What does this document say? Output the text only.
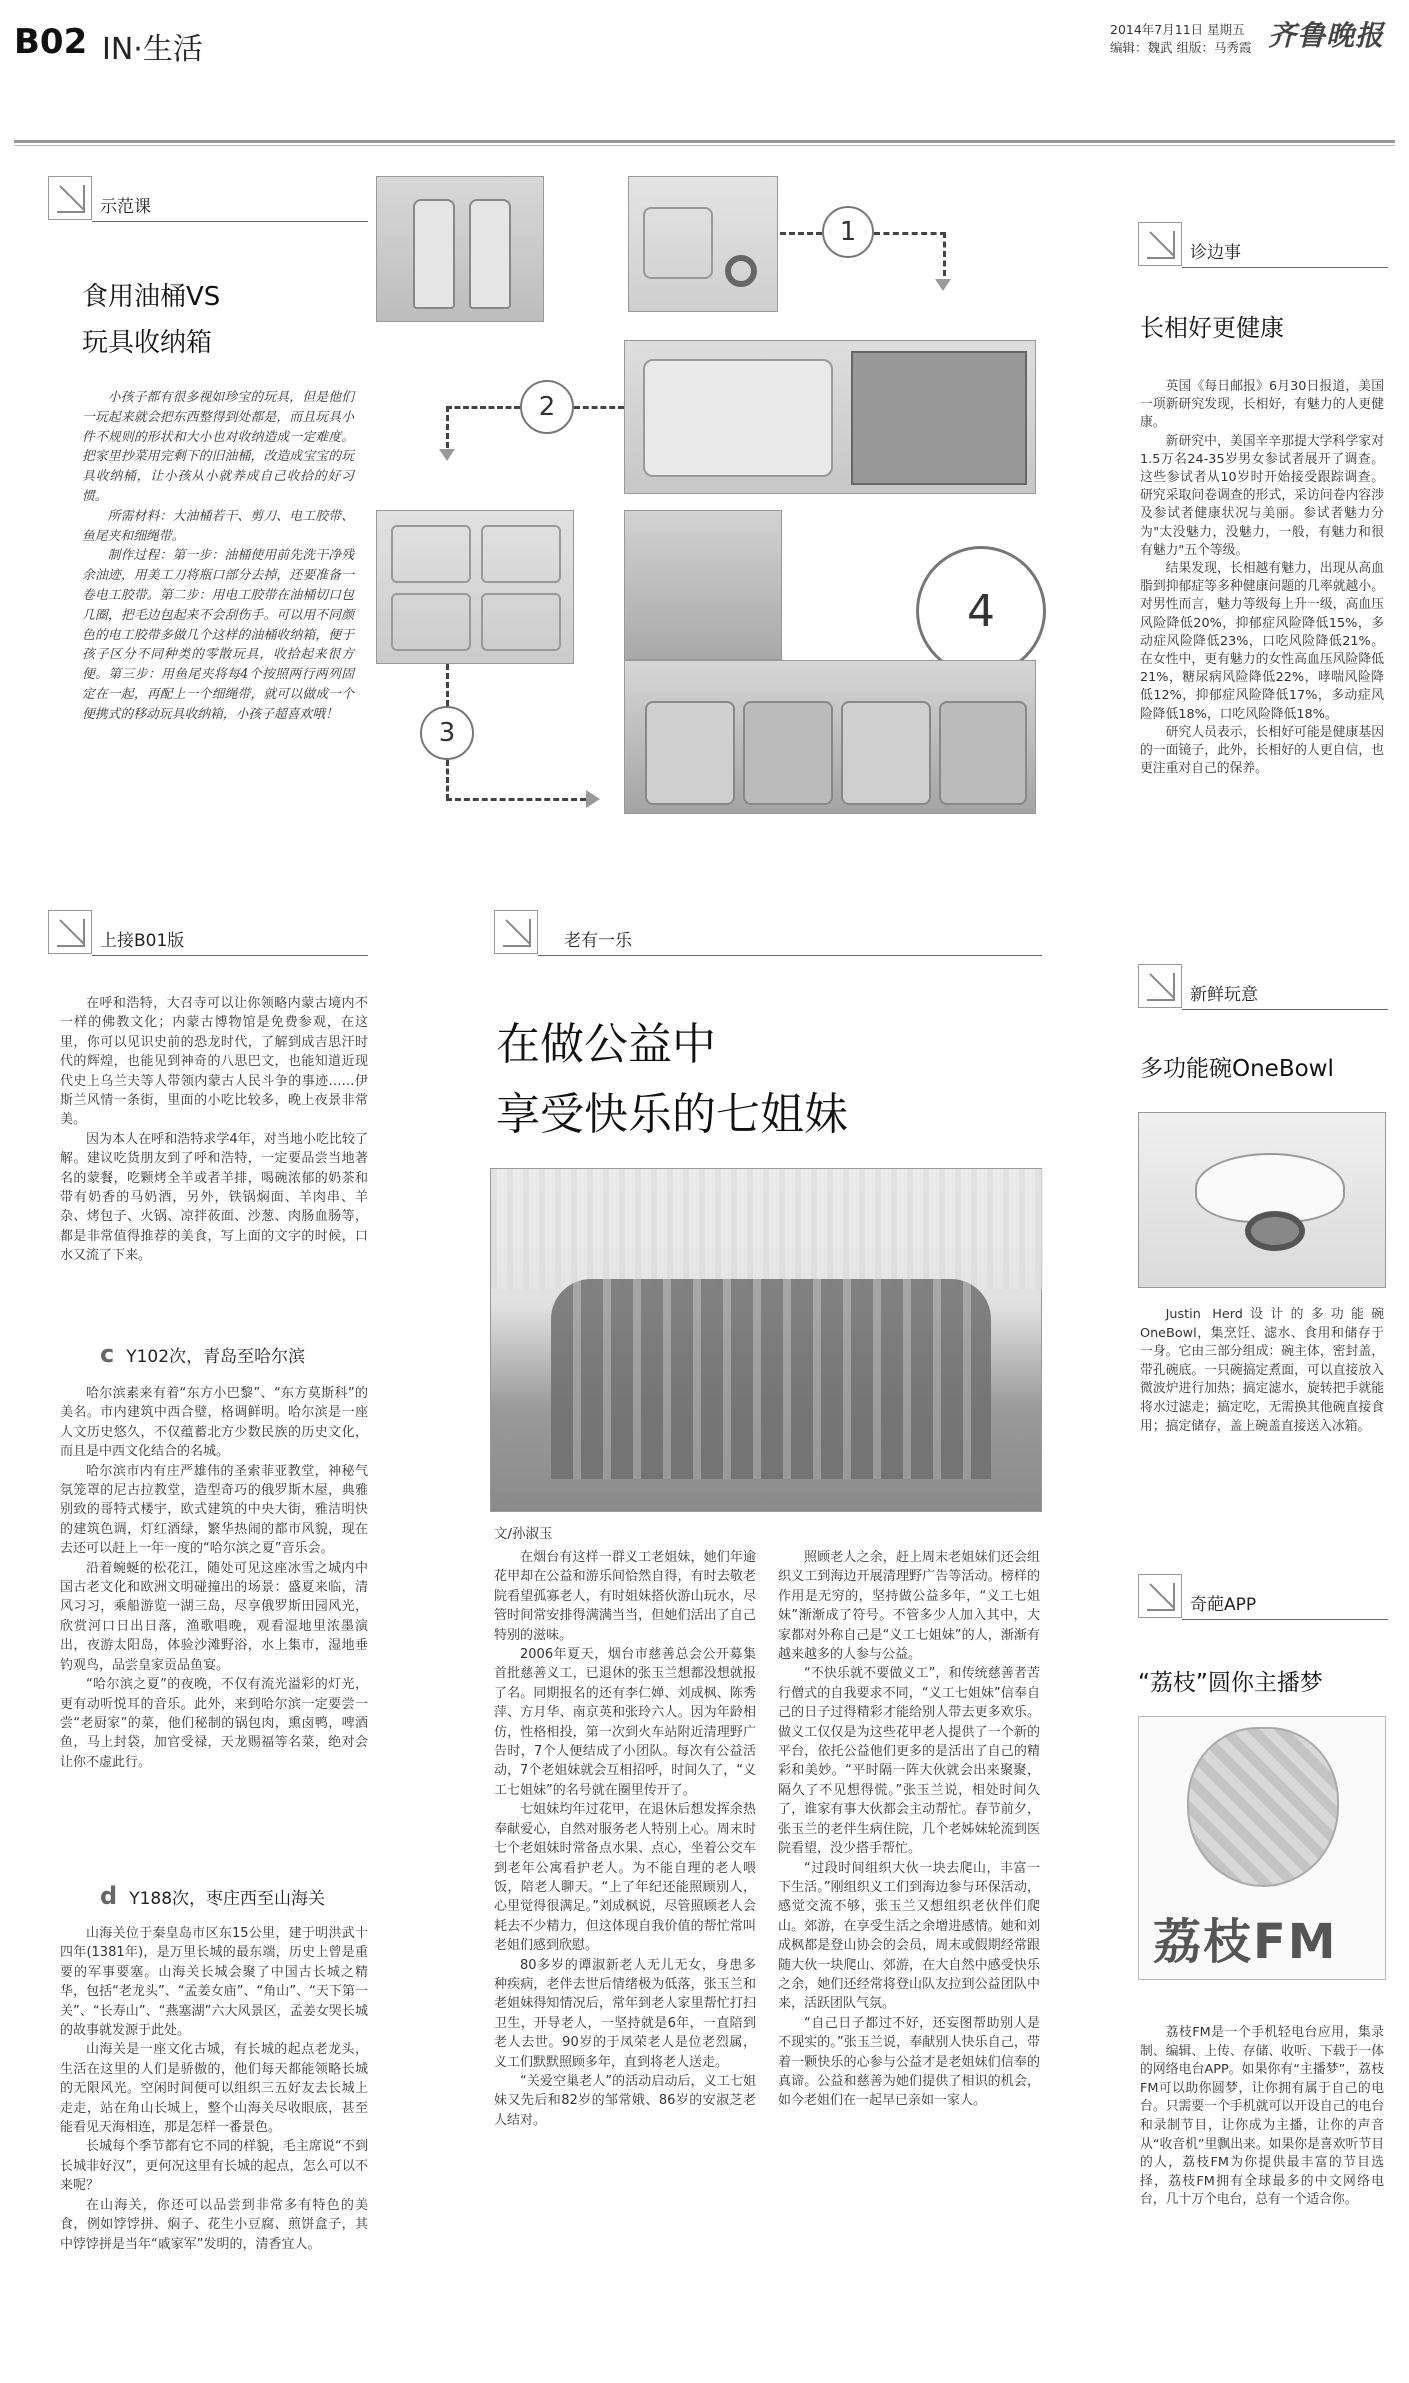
B02 IN·生活
2014年7月11日 星期五
编辑：魏武 组版：马秀霞 齐鲁晚报
示范课
食用油桶VS
玩具收纳箱

小孩子都有很多视如珍宝的玩具，但是他们一玩起来就会把东西整得到处都是，而且玩具小件不规则的形状和大小也对收纳造成一定难度。把家里抄菜用完剩下的旧油桶，改造成宝宝的玩具收纳桶，让小孩从小就养成自己收拾的好习惯。

所需材料：大油桶若干、剪刀、电工胶带、鱼尾夹和细绳带。

制作过程：第一步：油桶使用前先洗干净残余油迹，用美工刀将瓶口部分去掉，还要准备一卷电工胶带。第二步：用电工胶带在油桶切口包几圈，把毛边包起来不会刮伤手。可以用不同颜色的电工胶带多做几个这样的油桶收纳箱，便于孩子区分不同种类的零散玩具，收拾起来很方便。第三步：用鱼尾夹将每4个按照两行两列固定在一起，再配上一个细绳带，就可以做成一个便携式的移动玩具收纳箱，小孩子超喜欢哦！

1
2
4
3
诊边事
长相好更健康

英国《每日邮报》6月30日报道，美国一项新研究发现，长相好，有魅力的人更健康。

新研究中，美国辛辛那提大学科学家对1.5万名24-35岁男女参试者展开了调查。这些参试者从10岁时开始接受跟踪调查。研究采取问卷调查的形式，采访问卷内容涉及参试者健康状况与美丽。参试者魅力分为"太没魅力，没魅力，一般，有魅力和很有魅力"五个等级。

结果发现，长相越有魅力，出现从高血脂到抑郁症等多种健康问题的几率就越小。对男性而言，魅力等级每上升一级，高血压风险降低20%，抑郁症风险降低15%，多动症风险降低23%，口吃风险降低21%。在女性中，更有魅力的女性高血压风险降低21%，糖尿病风险降低22%，哮喘风险降低12%，抑郁症风险降低17%，多动症风险降低18%，口吃风险降低18%。

研究人员表示，长相好可能是健康基因的一面镜子，此外，长相好的人更自信，也更注重对自己的保养。

新鲜玩意
多功能碗OneBowl
Justin Herd设计的多功能碗OneBowl，集烹饪、滤水、食用和储存于一身。它由三部分组成：碗主体，密封盖，带孔碗底。一只碗搞定煮面，可以直接放入微波炉进行加热；搞定滤水，旋转把手就能将水过滤走；搞定吃，无需换其他碗直接食用；搞定储存，盖上碗盖直接送入冰箱。
奇葩APP
“荔枝”圆你主播梦
荔枝FM
荔枝FM是一个手机轻电台应用，集录制、编辑、上传、存储、收听、下载于一体的网络电台APP。如果你有“主播梦”，荔枝FM可以助你圆梦，让你拥有属于自己的电台。只需要一个手机就可以开设自己的电台和录制节目，让你成为主播，让你的声音从“收音机”里飘出来。如果你是喜欢听节目的人，荔枝FM为你提供最丰富的节目选择，荔枝FM拥有全球最多的中文网络电台，几十万个电台，总有一个适合你。
上接B01版

在呼和浩特，大召寺可以让你领略内蒙古境内不一样的佛教文化；内蒙古博物馆是免费参观，在这里，你可以见识史前的恐龙时代，了解到成吉思汗时代的辉煌，也能见到神奇的八思巴文，也能知道近现代史上乌兰夫等人带领内蒙古人民斗争的事迹……伊斯兰风情一条街，里面的小吃比较多，晚上夜景非常美。

因为本人在呼和浩特求学4年，对当地小吃比较了解。建议吃货朋友到了呼和浩特，一定要品尝当地著名的蒙餐，吃颗烤全羊或者羊排，喝碗浓郁的奶茶和带有奶香的马奶酒，另外，铁锅焖面、羊肉串、羊杂、烤包子、火锅、凉拌莜面、沙葱、肉肠血肠等，都是非常值得推荐的美食，写上面的文字的时候，口水又流了下来。

c Y102次，青岛至哈尔滨

哈尔滨素来有着“东方小巴黎”、“东方莫斯科”的美名。市内建筑中西合璧，格调鲜明。哈尔滨是一座人文历史悠久，不仅蕴蓄北方少数民族的历史文化，而且是中西文化结合的名城。

哈尔滨市内有庄严雄伟的圣索菲亚教堂，神秘气氛笼罩的尼古拉教堂，造型奇巧的俄罗斯木屋，典雅别致的哥特式楼宇，欧式建筑的中央大街，雅洁明快的建筑色调，灯红酒绿，繁华热闹的都市风貌，现在去还可以赶上一年一度的“哈尔滨之夏”音乐会。

沿着蜿蜒的松花江，随处可见这座冰雪之城内中国古老文化和欧洲文明碰撞出的场景：盛夏来临，清风习习，乘船游览一湖三岛，尽享俄罗斯田园风光，欣赏河口日出日落，渔歌唱晚，观看湿地里浓墨演出，夜游太阳岛，体验沙滩野浴，水上集市，湿地垂钓观鸟，品尝皇家贡品鱼宴。

“哈尔滨之夏”的夜晚，不仅有流光溢彩的灯光，更有动听悦耳的音乐。此外，来到哈尔滨一定要尝一尝“老厨家”的菜，他们秘制的锅包肉，熏卤鸭，啤酒鱼，马上封袋，加官受禄，天龙赐福等名菜，绝对会让你不虚此行。

d Y188次，枣庄西至山海关

山海关位于秦皇岛市区东15公里，建于明洪武十四年(1381年)，是万里长城的最东端，历史上曾是重要的军事要塞。山海关长城会聚了中国古长城之精华，包括“老龙头”、“孟姜女庙”、“角山”、“天下第一关”、“长寿山”、“燕塞湖”六大风景区，孟姜女哭长城的故事就发源于此处。

山海关是一座文化古城，有长城的起点老龙头，生活在这里的人们是骄傲的，他们每天都能领略长城的无限风光。空闲时间便可以组织三五好友去长城上走走，站在角山长城上，整个山海关尽收眼底，甚至能看见天海相连，那是怎样一番景色。

长城每个季节都有它不同的样貌，毛主席说“不到长城非好汉”，更何况这里有长城的起点，怎么可以不来呢？

在山海关，你还可以品尝到非常多有特色的美食，例如饽饽拼、焖子、花生小豆腐、煎饼盒子，其中饽饽拼是当年“戚家军”发明的，清香宜人。

老有一乐
在做公益中
享受快乐的七姐妹
文/孙淑玉

在烟台有这样一群义工老姐妹，她们年逾花甲却在公益和游乐间恰然自得，有时去敬老院看望孤寡老人，有时姐妹搭伙游山玩水，尽管时间常安排得满满当当，但她们活出了自己特别的滋味。

2006年夏天，烟台市慈善总会公开募集首批慈善义工，已退休的张玉兰想都没想就报了名。同期报名的还有李仁婵、刘成枫、陈秀萍、方月华、南京英和张玲六人。因为年龄相仿，性格相投，第一次到火车站附近清理野广告时，7个人便结成了小团队。每次有公益活动，7个老姐妹就会互相招呼，时间久了，“义工七姐妹”的名号就在圈里传开了。

七姐妹均年过花甲，在退休后想发挥余热奉献爱心，自然对服务老人特别上心。周末时七个老姐妹时常备点水果、点心，坐着公交车到老年公寓看护老人。为不能自理的老人喂饭，陪老人聊天。“上了年纪还能照顾别人，心里觉得很满足。”刘成枫说，尽管照顾老人会耗去不少精力，但这体现自我价值的帮忙常叫老姐们感到欣慰。

80多岁的谭淑新老人无儿无女，身患多种疾病，老伴去世后情绪极为低落，张玉兰和老姐妹得知情况后，常年到老人家里帮忙打扫卫生，开导老人，一坚持就是6年，一直陪到老人去世。90岁的于凤荣老人是位老烈属，义工们默默照顾多年，直到将老人送走。

“关爱空巢老人”的活动启动后，义工七姐妹又先后和82岁的邹常娥、86岁的安淑芝老人结对。

照顾老人之余，赶上周末老姐妹们还会组织义工到海边开展清理野广告等活动。榜样的作用是无穷的，坚持做公益多年，“义工七姐妹”渐渐成了符号。不管多少人加入其中，大家都对外称自己是“义工七姐妹”的人，渐渐有越来越多的人参与公益。

“不快乐就不要做义工”，和传统慈善者苦行僧式的自我要求不同，“义工七姐妹”信奉自己的日子过得精彩才能给别人带去更多欢乐。做义工仅仅是为这些花甲老人提供了一个新的平台，依托公益他们更多的是活出了自己的精彩和美妙。“平时隔一阵大伙就会出来聚聚，隔久了不见想得慌。”张玉兰说，相处时间久了，谁家有事大伙都会主动帮忙。春节前夕，张玉兰的老伴生病住院，几个老姊妹轮流到医院看望，没少搭手帮忙。

“过段时间组织大伙一块去爬山，丰富一下生活。”刚组织义工们到海边参与环保活动，感觉交流不够，张玉兰又想组织老伙伴们爬山。郊游，在享受生活之余增进感情。她和刘成枫都是登山协会的会员，周末或假期经常跟随大伙一块爬山、郊游，在大自然中感受快乐之余，她们还经常将登山队友拉到公益团队中来，活跃团队气氛。

“自己日子都过不好，还妄图帮助别人是不现实的。”张玉兰说，奉献别人快乐自己，带着一颗快乐的心参与公益才是老姐妹们信奉的真谛。公益和慈善为她们提供了相识的机会，如今老姐们在一起早已亲如一家人。
